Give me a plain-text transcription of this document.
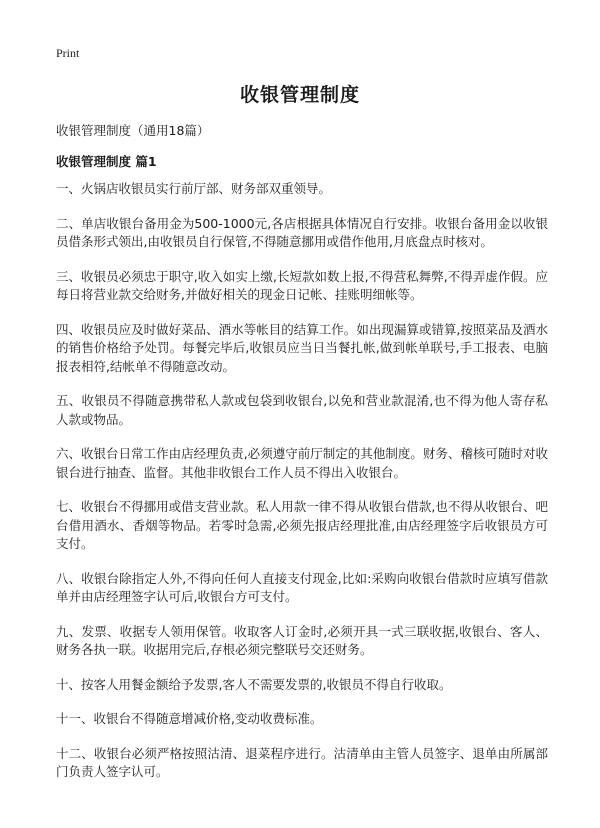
Print
收银管理制度

收银管理制度（通用18篇）

收银管理制度 篇1

一、火锅店收银员实行前厅部、财务部双重领导。

二、单店收银台备用金为500-1000元,各店根据具体情况自行安排。收银台备用金以收银员借条形式领出,由收银员自行保管,不得随意挪用或借作他用,月底盘点时核对。

三、收银员必须忠于职守,收入如实上缴,长短款如数上报,不得营私舞弊,不得弄虚作假。应每日将营业款交给财务,并做好相关的现金日记帐、挂账明细帐等。

四、收银员应及时做好菜品、酒水等帐目的结算工作。如出现漏算或错算,按照菜品及酒水的销售价格给予处罚。每餐完毕后,收银员应当日当餐扎帐,做到帐单联号,手工报表、电脑报表相符,结帐单不得随意改动。

五、收银员不得随意携带私人款或包袋到收银台,以免和营业款混淆,也不得为他人寄存私人款或物品。

六、收银台日常工作由店经理负责,必须遵守前厅制定的其他制度。财务、稽核可随时对收银台进行抽查、监督。其他非收银台工作人员不得出入收银台。

七、收银台不得挪用或借支营业款。私人用款一律不得从收银台借款,也不得从收银台、吧台借用酒水、香烟等物品。若零时急需,必须先报店经理批准,由店经理签字后收银员方可支付。

八、收银台除指定人外,不得向任何人直接支付现金,比如:采购向收银台借款时应填写借款单并由店经理签字认可后,收银台方可支付。

九、发票、收据专人领用保管。收取客人订金时,必须开具一式三联收据,收银台、客人、财务各执一联。收据用完后,存根必须完整联号交还财务。

十、按客人用餐金额给予发票,客人不需要发票的,收银员不得自行收取。

十一、收银台不得随意增减价格,变动收费标准。

十二、收银台必须严格按照沽清、退菜程序进行。沽清单由主管人员签字、退单由所属部门负责人签字认可。
